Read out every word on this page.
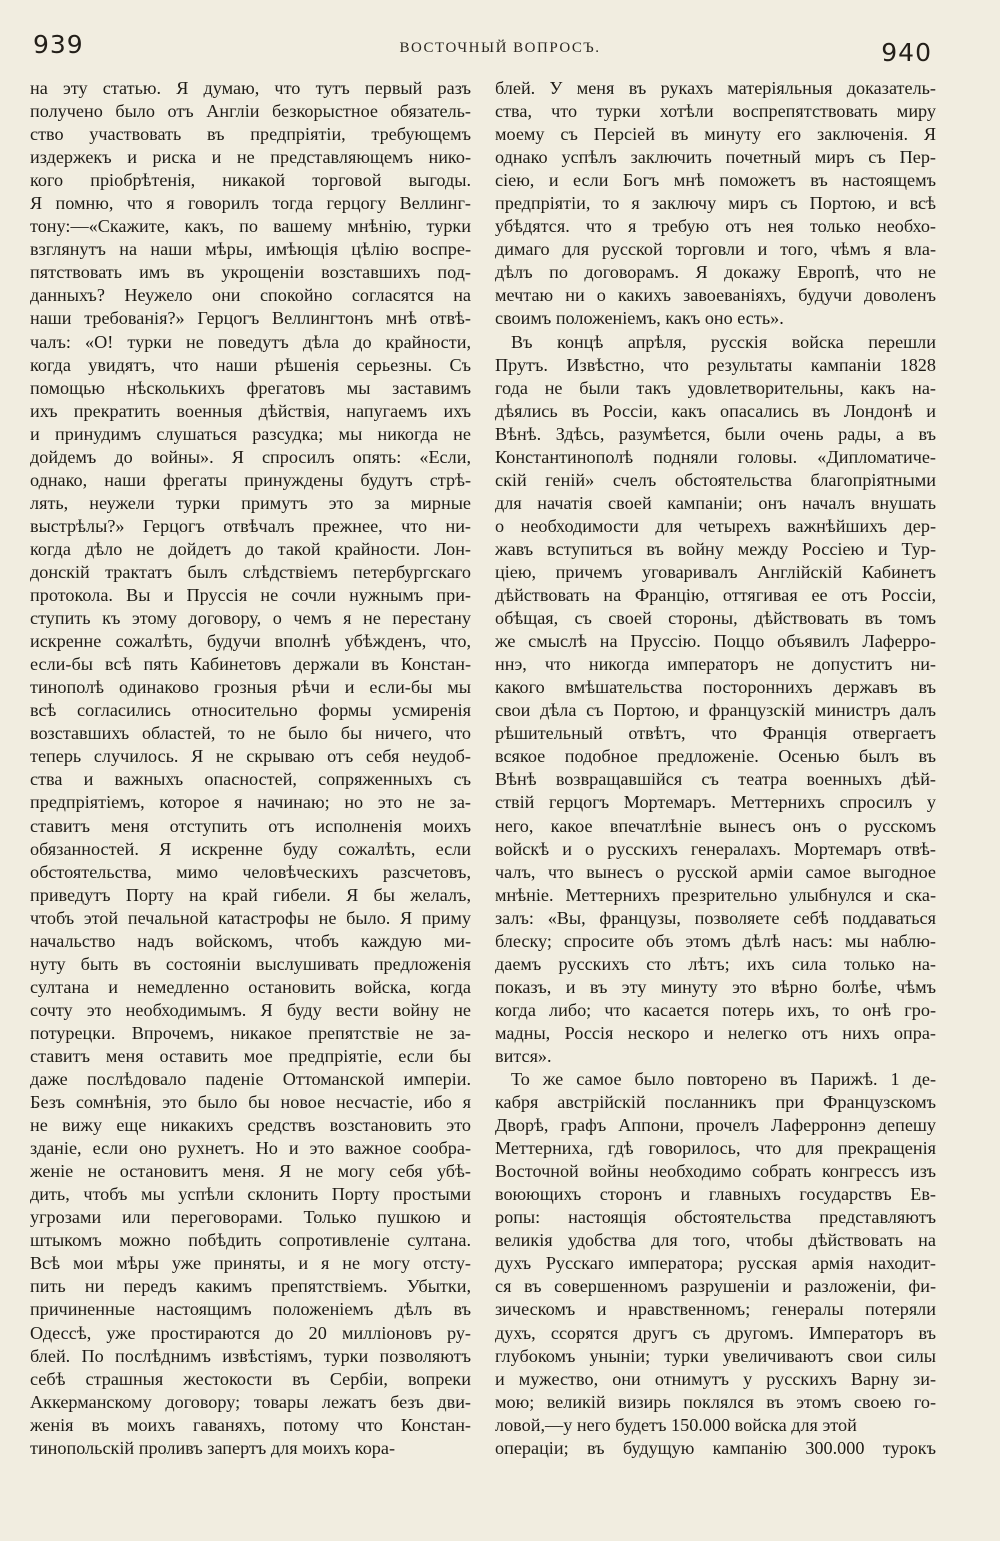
939	ВОСТОЧНЫЙ ВОПРОСЪ.	940
на эту статью. Я думаю, что тутъ первый разъ
получено было отъ Англіи безкорыстное обязатель-
ство участвовать въ предпріятіи, требующемъ
издержекъ и риска и не представляющемъ нико-
кого пріобрѣтенія, никакой торговой выгоды.
Я помню, что я говорилъ тогда герцогу Веллинг-
тону:—«Скажите, какъ, по вашему мнѣнію, турки
взглянутъ на наши мѣры, имѣющія цѣлію воспре-
пятствовать имъ въ укрощеніи возставшихъ под-
данныхъ? Неужело они спокойно согласятся на
наши требованія?» Герцогъ Веллингтонъ мнѣ отвѣ-
чалъ: «О! турки не поведутъ дѣла до крайности,
когда увидятъ, что наши рѣшенія серьезны. Съ
помощью нѣсколькихъ фрегатовъ мы заставимъ
ихъ прекратить военныя дѣйствія, напугаемъ ихъ
и принудимъ слушаться разсудка; мы никогда не
дойдемъ до войны». Я спросилъ опять: «Если,
однако, наши фрегаты принуждены будутъ стрѣ-
лять, неужели турки примутъ это за мирные
выстрѣлы?» Герцогъ отвѣчалъ прежнее, что ни-
когда дѣло не дойдетъ до такой крайности. Лон-
донскій трактатъ былъ слѣдствіемъ петербургскаго
протокола. Вы и Пруссія не сочли нужнымъ при-
ступить къ этому договору, о чемъ я не перестану
искренне сожалѣть, будучи вполнѣ убѣжденъ, что,
если-бы всѣ пять Кабинетовъ держали въ Констан-
тинополѣ одинаково грозныя рѣчи и если-бы мы
всѣ согласились относительно формы усмиренія
возставшихъ областей, то не было бы ничего, что
теперь случилось. Я не скрываю отъ себя неудоб-
ства и важныхъ опасностей, сопряженныхъ съ
предпріятіемъ, которое я начинаю; но это не за-
ставитъ меня отступить отъ исполненія моихъ
обязанностей. Я искренне буду сожалѣть, если
обстоятельства, мимо человѣческихъ разсчетовъ,
приведутъ Порту на край гибели. Я бы желалъ,
чтобъ этой печальной катастрофы не было. Я приму
начальство надъ войскомъ, чтобъ каждую ми-
нуту быть въ состояніи выслушивать предложенія
султана и немедленно остановить войска, когда
сочту это необходимымъ. Я буду вести войну не
потурецки. Впрочемъ, никакое препятствіе не за-
ставитъ меня оставить мое предпріятіе, если бы
даже послѣдовало паденіе Оттоманской имперіи.
Безъ сомнѣнія, это было бы новое несчастіе, ибо я
не вижу еще никакихъ средствъ возстановить это
зданіе, если оно рухнетъ. Но и это важное сообра-
женіе не остановитъ меня. Я не могу себя убѣ-
дить, чтобъ мы успѣли склонить Порту простыми
угрозами или переговорами. Только пушкою и
штыкомъ можно побѣдить сопротивленіе султана.
Всѣ мои мѣры уже приняты, и я не могу отсту-
пить ни передъ какимъ препятствіемъ. Убытки,
причиненные настоящимъ положеніемъ дѣлъ въ
Одессѣ, уже простираются до 20 милліоновъ ру-
блей. По послѣднимъ извѣстіямъ, турки позволяютъ
себѣ страшныя жестокости въ Сербіи, вопреки
Аккерманскому договору; товары лежатъ безъ дви-
женія въ моихъ гаваняхъ, потому что Констан-
тинопольскій проливъ запертъ для моихъ кора-
блей. У меня въ рукахъ матеріяльныя доказатель-
ства, что турки хотѣли воспрепятствовать миру
моему съ Персіей въ минуту его заключенія. Я
однако успѣлъ заключить почетный миръ съ Пер-
сіею, и если Богъ мнѣ поможетъ въ настоящемъ
предпріятіи, то я заключу миръ съ Портою, и всѣ
убѣдятся. что я требую отъ нея только необхо-
димаго для русской торговли и того, чѣмъ я вла-
дѣлъ по договорамъ. Я докажу Европѣ, что не
мечтаю ни о какихъ завоеваніяхъ, будучи доволенъ
своимъ положеніемъ, какъ оно есть».
Въ концѣ апрѣля, русскія войска перешли
Прутъ. Извѣстно, что результаты кампаніи 1828
года не были такъ удовлетворительны, какъ на-
дѣялись въ Россіи, какъ опасались въ Лондонѣ и
Вѣнѣ. Здѣсь, разумѣется, были очень рады, а въ
Константинополѣ подняли головы. «Дипломатиче-
скій геній» счелъ обстоятельства благопріятными
для начатія своей кампаніи; онъ началъ внушать
о необходимости для четырехъ важнѣйшихъ дер-
жавъ вступиться въ войну между Россіею и Тур-
ціею, причемъ уговаривалъ Англійскій Кабинетъ
дѣйствовать на Францію, оттягивая ее отъ Россіи,
обѣщая, съ своей стороны, дѣйствовать въ томъ
же смыслѣ на Пруссію. Поццо объявилъ Лаферро-
ннэ, что никогда императоръ не допуститъ ни-
какого вмѣшательства постороннихъ державъ въ
свои дѣла съ Портою, и французскій министръ далъ
рѣшительный отвѣтъ, что Франція отвергаетъ
всякое подобное предложеніе. Осенью былъ въ
Вѣнѣ возвращавшійся съ театра военныхъ дѣй-
ствій герцогъ Мортемаръ. Меттернихъ спросилъ у
него, какое впечатлѣніе вынесъ онъ о русскомъ
войскѣ и о русскихъ генералахъ. Мортемаръ отвѣ-
чалъ, что вынесъ о русской арміи самое выгодное
мнѣніе. Меттернихъ презрительно улыбнулся и ска-
залъ: «Вы, французы, позволяете себѣ поддаваться
блеску; спросите объ этомъ дѣлѣ насъ: мы наблю-
даемъ русскихъ сто лѣтъ; ихъ сила только на-
показъ, и въ эту минуту это вѣрно болѣе, чѣмъ
когда либо; что касается потерь ихъ, то онѣ гро-
мадны, Россія нескоро и нелегко отъ нихъ опра-
вится».
То же самое было повторено въ Парижѣ. 1 де-
кабря австрійскій посланникъ при Французскомъ
Дворѣ, графъ Аппони, прочелъ Лаферроннэ депешу
Меттерниха, гдѣ говорилось, что для прекращенія
Восточной войны необходимо собрать конгрессъ изъ
воюющихъ сторонъ и главныхъ государствъ Ев-
ропы: настоящія обстоятельства представляютъ
великія удобства для того, чтобы дѣйствовать на
духъ Русскаго императора; русская армія находит-
ся въ совершенномъ разрушеніи и разложеніи, фи-
зическомъ и нравственномъ; генералы потеряли
духъ, ссорятся другъ съ другомъ. Императоръ въ
глубокомъ уныніи; турки увеличиваютъ свои силы
и мужество, они отнимутъ у русскихъ Варну зи-
мою; великій визирь поклялся въ этомъ своею го-
ловой,—у него будетъ 150.000 войска для этой
операціи; въ будущую кампанію 300.000 турокъ
